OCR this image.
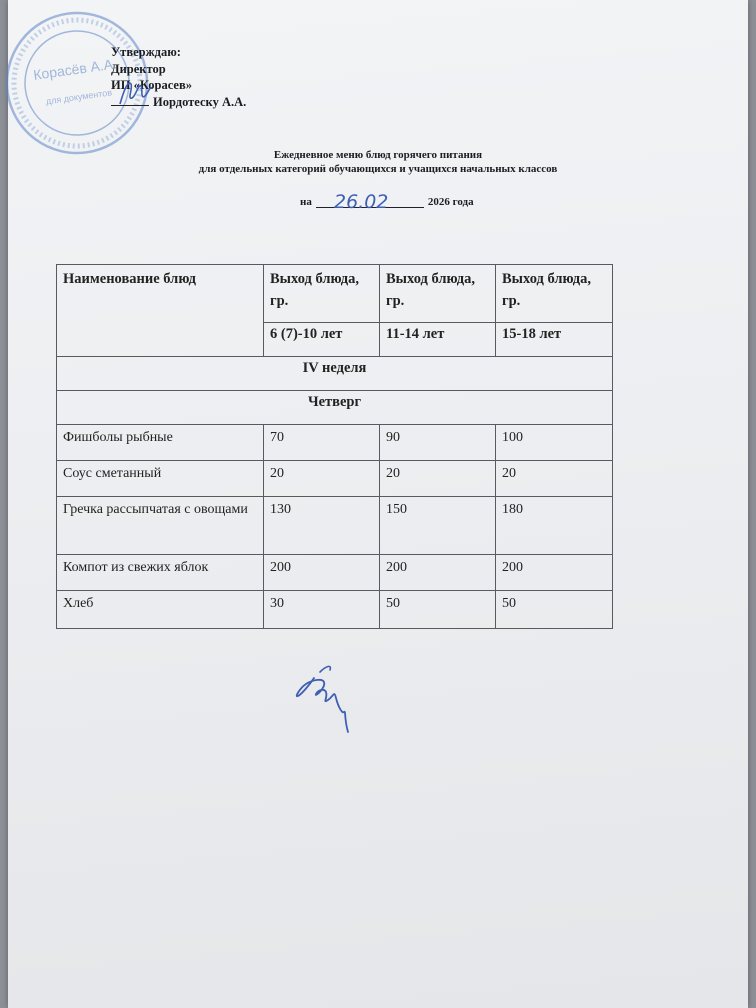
Корасёв А.А.
для документов
Утверждаю:
Директор
ИП «Корасев»
Иордотеску А.А.
Ежедневное меню блюд горячего питания
для отдельных категорий обучающихся и учащихся начальных классов
на	2026 года
26.02
Наименование блюд	Выход блюда, гр.	Выход блюда, гр.	Выход блюда, гр.
	6 (7)-10 лет	11-14 лет	15-18 лет
IV неделя			
Четверг			
Фишболы рыбные	70	90	100
Соус сметанный	20	20	20
Гречка рассыпчатая с овощами	130	150	180
Компот из свежих яблок	200	200	200
Хлеб	30	50	50
